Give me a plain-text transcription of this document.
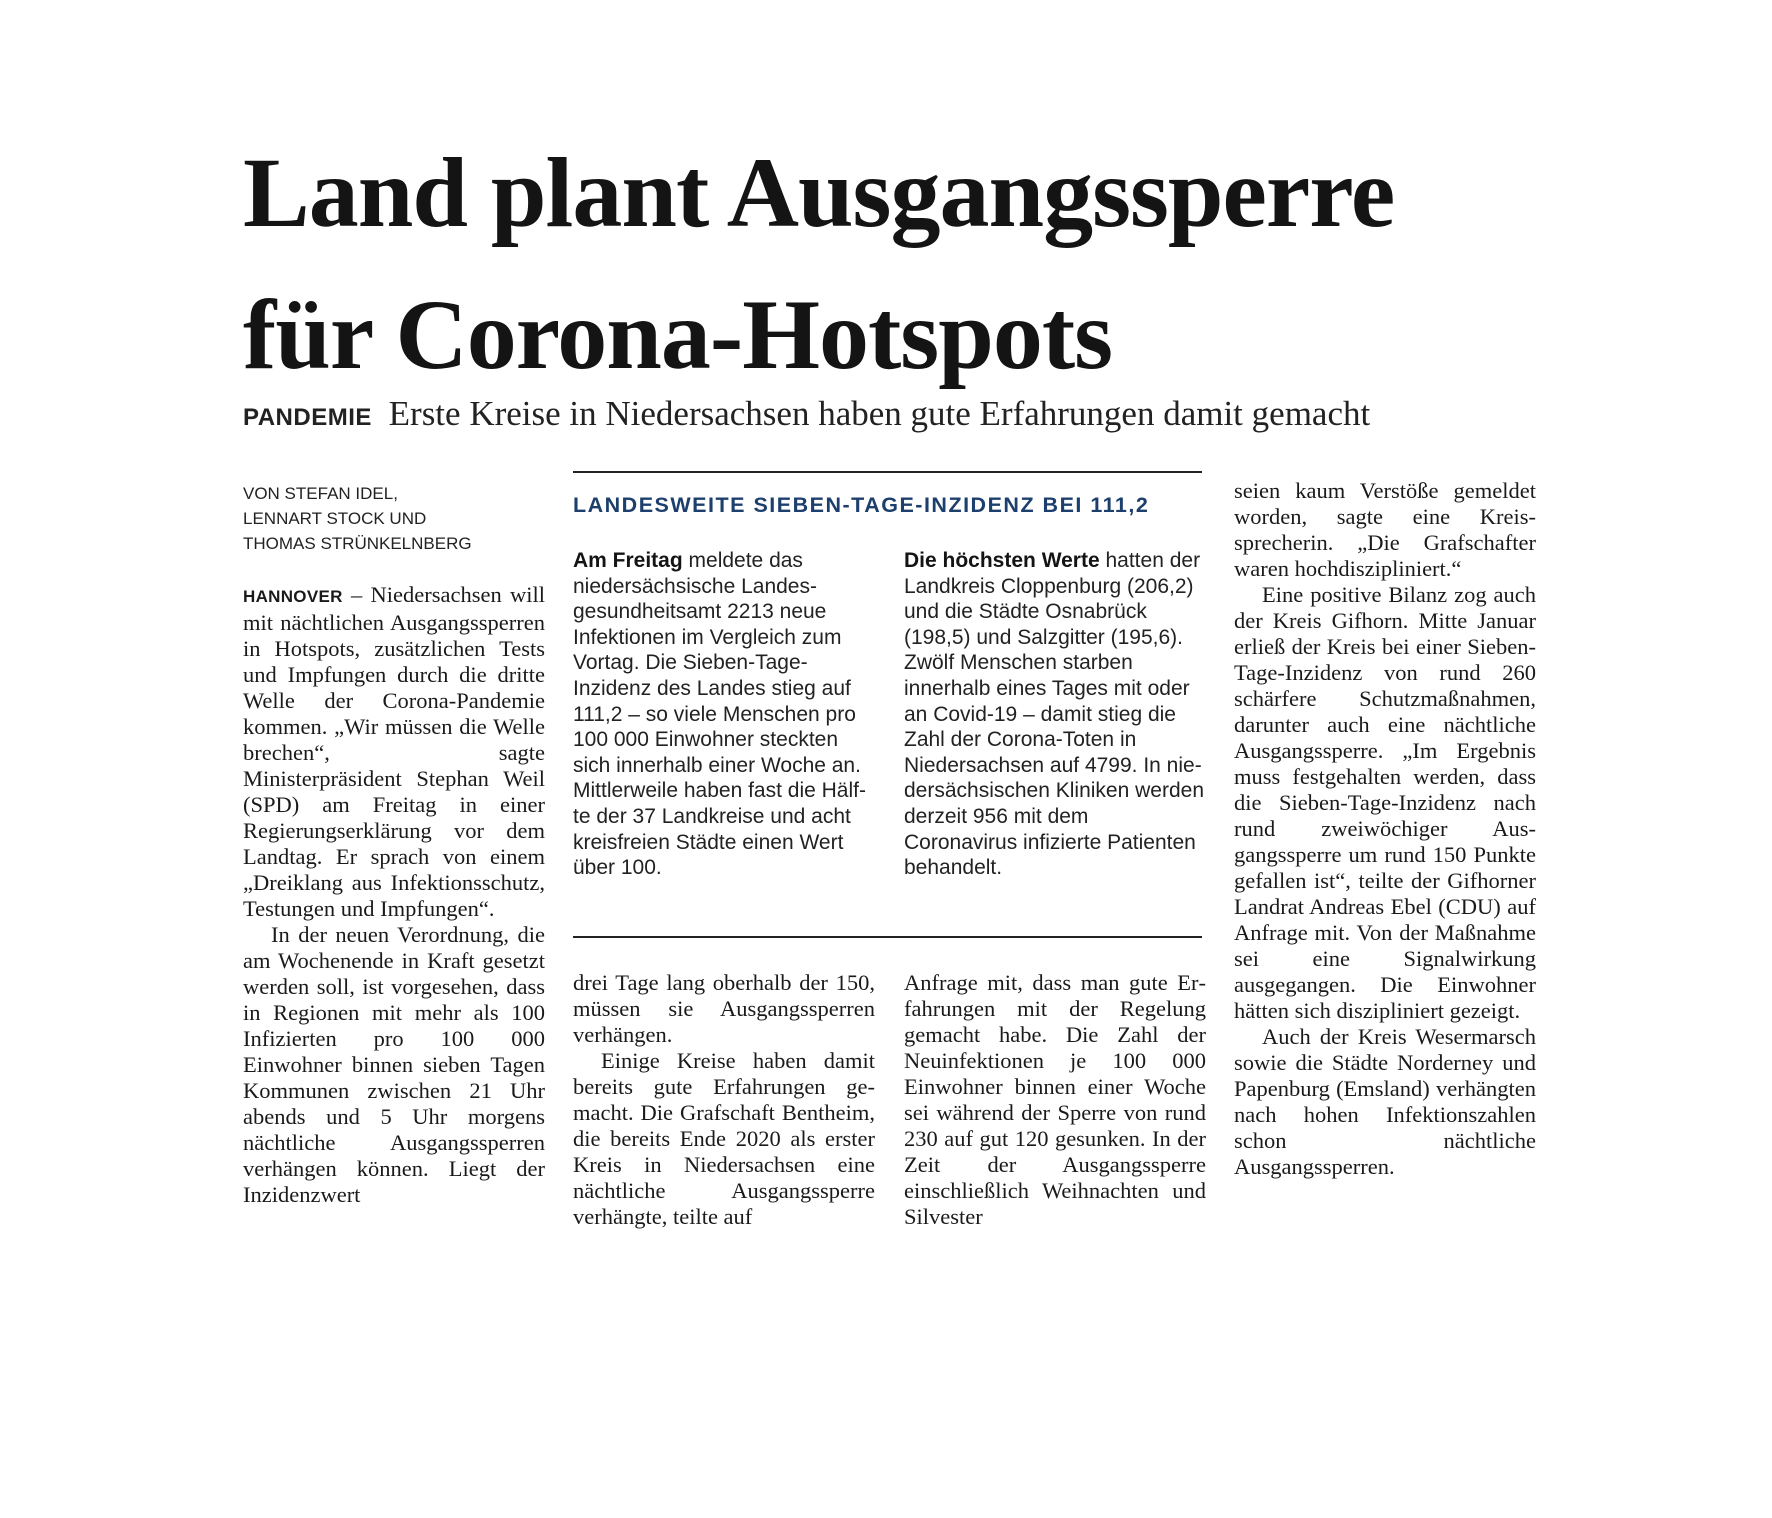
Land plant Ausgangssperre
für Corona-Hotspots
PANDEMIE Erste Kreise in Niedersachsen haben gute Erfahrungen damit gemacht
VON STEFAN IDEL,
LENNART STOCK UND
THOMAS STRÜNKELNBERG

HANNOVER – Niedersachsen will mit nächtlichen Ausgangssperren in Hotspots, zusätzlichen Tests und Impfungen durch die dritte Welle der Corona-Pandemie kommen. „Wir müssen die Welle brechen“, sagte Ministerpräsident Stephan Weil (SPD) am Freitag in einer Regierungserklärung vor dem Landtag. Er sprach von einem „Dreiklang aus Infektionsschutz, Testungen und Impfungen“.

In der neuen Verordnung, die am Wochenende in Kraft gesetzt werden soll, ist vorgesehen, dass in Regionen mit mehr als 100 Infizierten pro 100 000 Einwohner binnen sieben Tagen Kommunen zwischen 21 Uhr abends und 5 Uhr morgens nächtliche Ausgangssperren verhängen können. Liegt der Inzidenzwert

LANDESWEITE SIEBEN-TAGE-INZIDENZ BEI 111,2

Am Freitag meldete das niedersächsische Landesgesundheitsamt 2213 neue Infektionen im Vergleich zum Vortag. Die Sieben-Tage-Inzidenz des Landes stieg auf 111,2 – so viele Menschen pro 100 000 Einwohner steckten sich innerhalb einer Woche an. Mittlerweile haben fast die Hälfte der 37 Landkreise und acht kreisfreien Städte einen Wert über 100.

Die höchsten Werte hatten der Landkreis Cloppenburg (206,2) und die Städte Osnabrück (198,5) und Salzgitter (195,6). Zwölf Menschen starben innerhalb eines Tages mit oder an Covid-19 – damit stieg die Zahl der Corona-Toten in Niedersachsen auf 4799. In niedersächsischen Kliniken werden derzeit 956 mit dem Coronavirus infizierte Patienten behandelt.

drei Tage lang oberhalb der 150, müssen sie Ausgangssperren verhängen.

Einige Kreise haben damit bereits gute Erfahrungen gemacht. Die Grafschaft Bentheim, die bereits Ende 2020 als erster Kreis in Niedersachsen eine nächtliche Ausgangssperre verhängte, teilte auf

Anfrage mit, dass man gute Erfahrungen mit der Regelung gemacht habe. Die Zahl der Neuinfektionen je 100 000 Einwohner binnen einer Woche sei während der Sperre von rund 230 auf gut 120 gesunken. In der Zeit der Ausgangssperre einschließlich Weihnachten und Silvester

seien kaum Verstöße gemeldet worden, sagte eine Kreissprecherin. „Die Grafschafter waren hochdiszipliniert.“

Eine positive Bilanz zog auch der Kreis Gifhorn. Mitte Januar erließ der Kreis bei einer Sieben-Tage-Inzidenz von rund 260 schärfere Schutzmaßnahmen, darunter auch eine nächtliche Ausgangssperre. „Im Ergebnis muss festgehalten werden, dass die Sieben-Tage-Inzidenz nach rund zweiwöchiger Ausgangssperre um rund 150 Punkte gefallen ist“, teilte der Gifhorner Landrat Andreas Ebel (CDU) auf Anfrage mit. Von der Maßnahme sei eine Signalwirkung ausgegangen. Die Einwohner hätten sich diszipliniert gezeigt.

Auch der Kreis Wesermarsch sowie die Städte Norderney und Papenburg (Emsland) verhängten nach hohen Infektionszahlen schon nächtliche Ausgangssperren.
